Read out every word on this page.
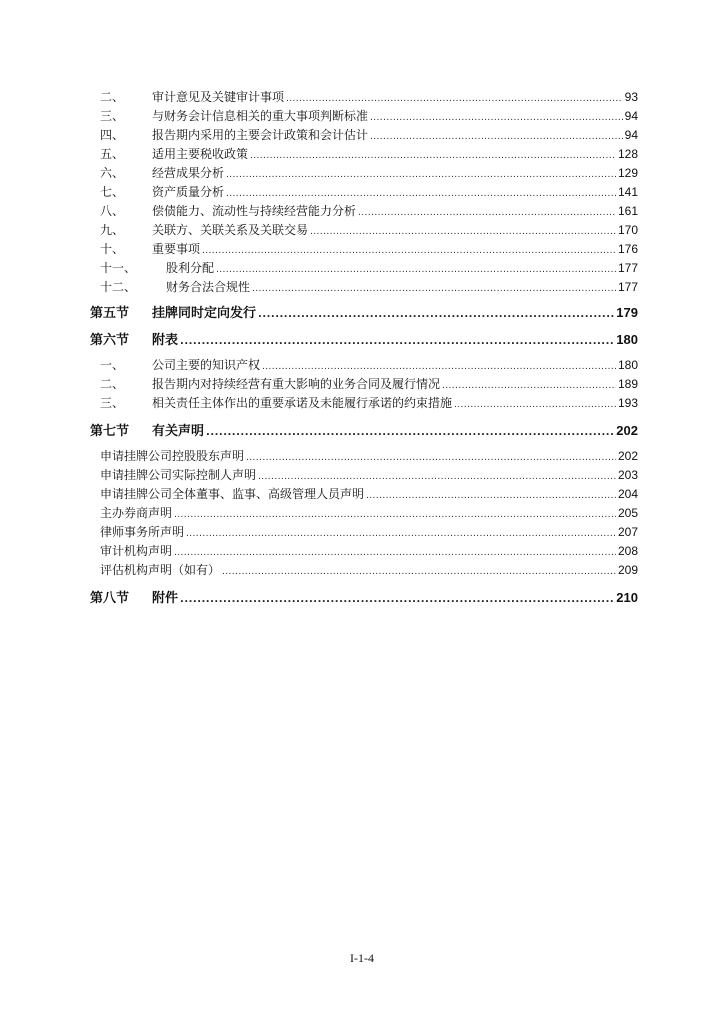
二、	审计意见及关键审计事项 .....	93
三、	与财务会计信息相关的重大事项判断标准 .....	94
四、	报告期内采用的主要会计政策和会计估计 .....	94
五、	适用主要税收政策 .....	128
六、	经营成果分析 .....	129
七、	资产质量分析 .....	141
八、	偿债能力、流动性与持续经营能力分析 .....	161
九、	关联方、关联关系及关联交易 .....	170
十、	重要事项 .....	176
十一、	股利分配 .....	177
十二、	财务合法合规性 .....	177
第五节	挂牌同时定向发行 .....	179
第六节	附表 .....	180
一、	公司主要的知识产权 .....	180
二、	报告期内对持续经营有重大影响的业务合同及履行情况 .....	189
三、	相关责任主体作出的重要承诺及未能履行承诺的约束措施 .....	193
第七节	有关声明 .....	202
申请挂牌公司控股股东声明 .....	202
申请挂牌公司实际控制人声明 .....	203
申请挂牌公司全体董事、监事、高级管理人员声明 .....	204
主办券商声明 .....	205
律师事务所声明 .....	207
审计机构声明 .....	208
评估机构声明（如有） .....	209
第八节	附件 .....	210
I-1-4
